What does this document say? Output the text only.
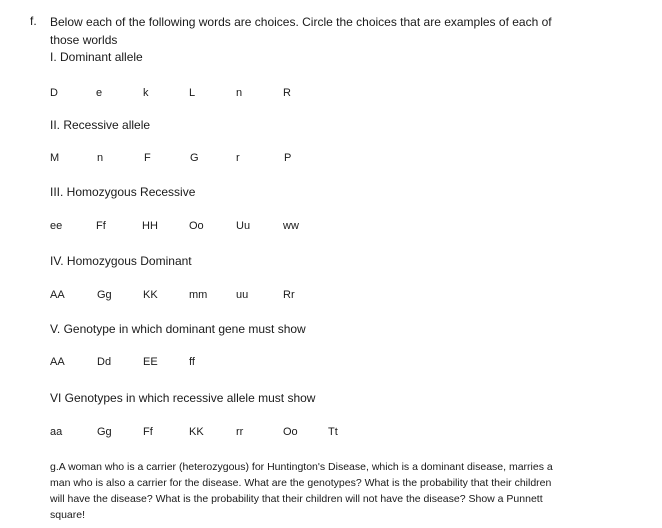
f. Below each of the following words are choices. Circle the choices that are examples of each of
those worlds
I. Dominant allele
D	e	k	L	n	R
II. Recessive allele
M	n	F	G	r	P
III. Homozygous Recessive
ee	Ff	HH	Oo	Uu	ww
IV. Homozygous Dominant
AA	Gg	KK	mm	uu	Rr
V. Genotype in which dominant gene must show
AA	Dd	EE	ff
VI Genotypes in which recessive allele must show
aa	Gg	Ff	KK	rr	Oo	Tt
g.A woman who is a carrier (heterozygous) for Huntington's Disease, which is a dominant disease, marries a
man who is also a carrier for the disease. What are the genotypes? What is the probability that their children
will have the disease? What is the probability that their children will not have the disease? Show a Punnett
square!
